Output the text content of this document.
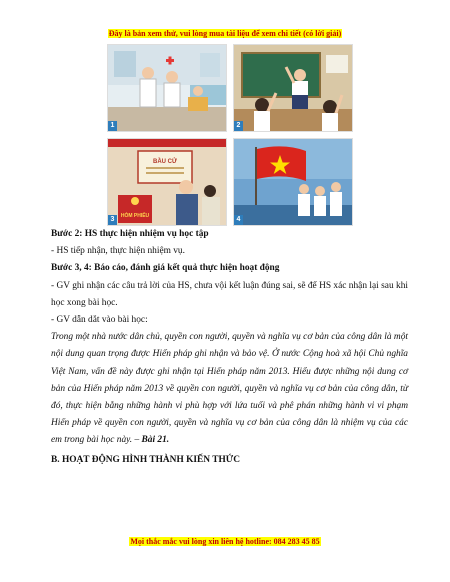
Đây là bản xem thử, vui lòng mua tài liệu để xem chi tiết (có lời giải)
1	2
BẦU CỬ
HÒM PHIẾU
3	4

Bước 2: HS thực hiện nhiệm vụ học tập

- HS tiếp nhận, thực hiện nhiệm vụ.

Bước 3, 4: Báo cáo, đánh giá kết quả thực hiện hoạt động

- GV ghi nhận các câu trả lời của HS, chưa vội kết luận đúng sai, sẽ để HS xác nhận lại sau khi học xong bài học.

- GV dẫn dắt vào bài học:

Trong một nhà nước dân chủ, quyền con người, quyền và nghĩa vụ cơ bản của công dân là một nội dung quan trọng được Hiến pháp ghi nhận và bảo vệ. Ở nước Cộng hoà xã hội Chủ nghĩa Việt Nam, vấn đề này được ghi nhận tại Hiến pháp năm 2013. Hiểu được những nội dung cơ bản của Hiến pháp năm 2013 về quyền con người, quyền và nghĩa vụ cơ bản của công dân, từ đó, thực hiện bằng những hành vi phù hợp với lứa tuổi và phê phán những hành vi vi phạm Hiến pháp về quyền con người, quyền và nghĩa vụ cơ bản của công dân là nhiệm vụ của các em trong bài học này. – Bài 21.

B. HOẠT ĐỘNG HÌNH THÀNH KIẾN THỨC

Mọi thắc mắc vui lòng xin liên hệ hotline: 084 283 45 85
